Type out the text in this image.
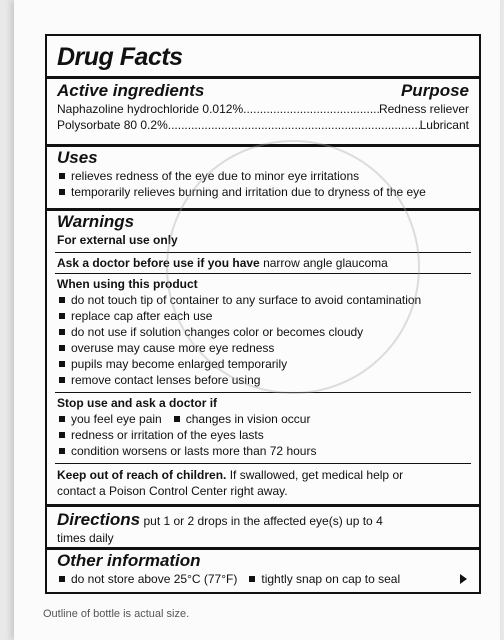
Drug Facts
Active ingredients	Purpose
Naphazoline hydrochloride 0.012% .....	Redness reliever
Polysorbate 80 0.2% .....	Lubricant
Uses
relieves redness of the eye due to minor eye irritations
temporarily relieves burning and irritation due to dryness of the eye
Warnings
For external use only
Ask a doctor before use if you have narrow angle glaucoma
When using this product
do not touch tip of container to any surface to avoid contamination
replace cap after each use
do not use if solution changes color or becomes cloudy
overuse may cause more eye redness
pupils may become enlarged temporarily
remove contact lenses before using
Stop use and ask a doctor if
you feel eye pain changes in vision occur
redness or irritation of the eyes lasts
condition worsens or lasts more than 72 hours
Keep out of reach of children. If swallowed, get medical help or
contact a Poison Control Center right away.
Directions put 1 or 2 drops in the affected eye(s) up to 4
times daily
Other information
do not store above 25°C (77°F) tightly snap on cap to seal
Outline of bottle is actual size.
